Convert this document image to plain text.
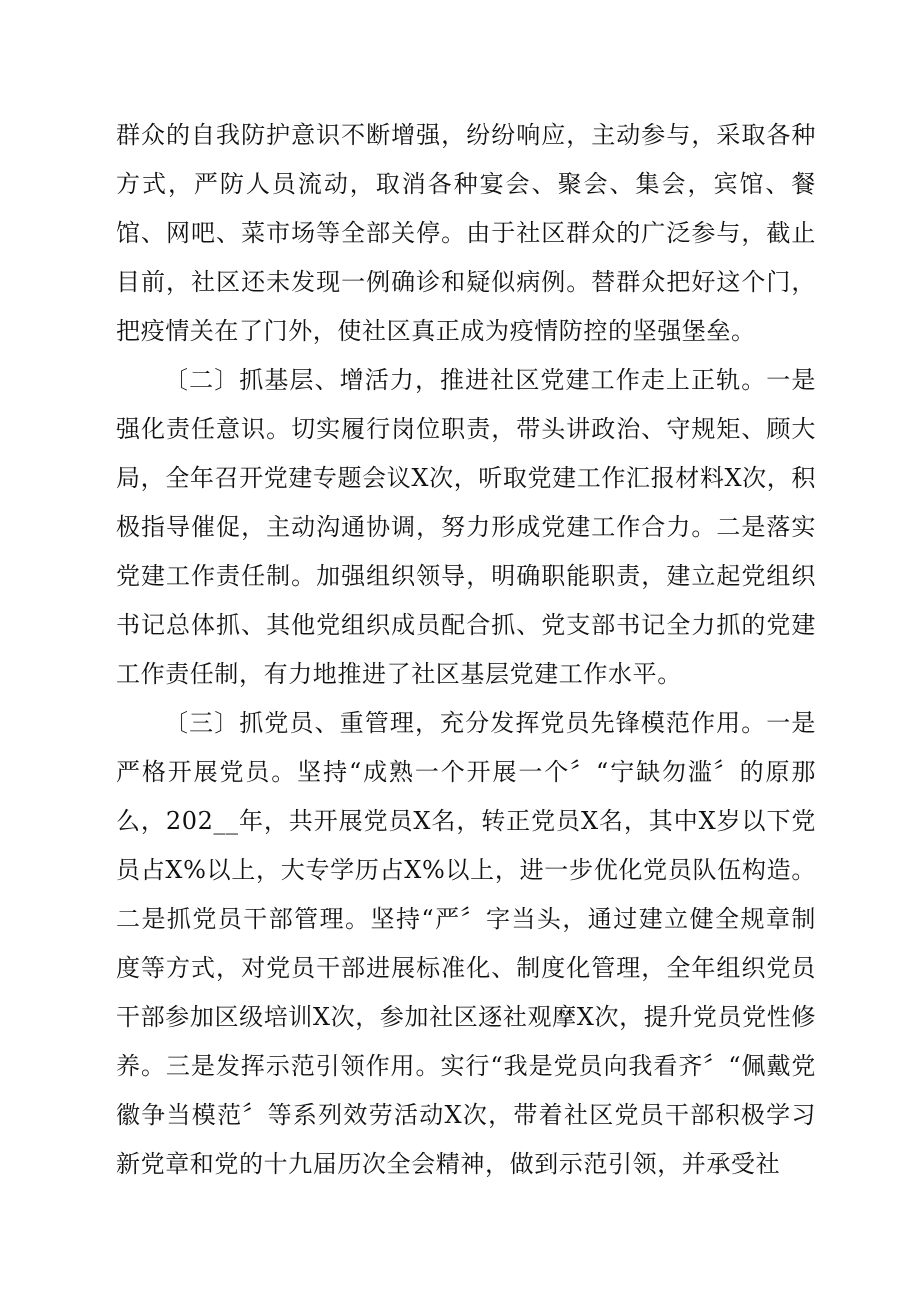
群众的自我防护意识不断增强，纷纷响应，主动参与，采取各种方式，严防人员流动，取消各种宴会、聚会、集会，宾馆、餐馆、网吧、菜市场等全部关停。由于社区群众的广泛参与，截止目前，社区还未发现一例确诊和疑似病例。替群众把好这个门，把疫情关在了门外，使社区真正成为疫情防控的坚强堡垒。

〔二〕抓基层、增活力，推进社区党建工作走上正轨。一是强化责任意识。切实履行岗位职责，带头讲政治、守规矩、顾大局，全年召开党建专题会议X次，听取党建工作汇报材料X次，积极指导催促，主动沟通协调，努力形成党建工作合力。二是落实党建工作责任制。加强组织领导，明确职能职责，建立起党组织书记总体抓、其他党组织成员配合抓、党支部书记全力抓的党建工作责任制，有力地推进了社区基层党建工作水平。

〔三〕抓党员、重管理，充分发挥党员先锋模范作用。一是严格开展党员。坚持“成熟一个开展一个〞“宁缺勿滥〞的原那么，202__年，共开展党员X名，转正党员X名，其中X岁以下党员占X%以上，大专学历占X%以上，进一步优化党员队伍构造。二是抓党员干部管理。坚持“严〞字当头，通过建立健全规章制度等方式，对党员干部进展标准化、制度化管理，全年组织党员干部参加区级培训X次，参加社区逐社观摩X次，提升党员党性修养。三是发挥示范引领作用。实行“我是党员向我看齐〞“佩戴党徽争当模范〞等系列效劳活动X次，带着社区党员干部积极学习新党章和党的十九届历次全会精神，做到示范引领，并承受社
